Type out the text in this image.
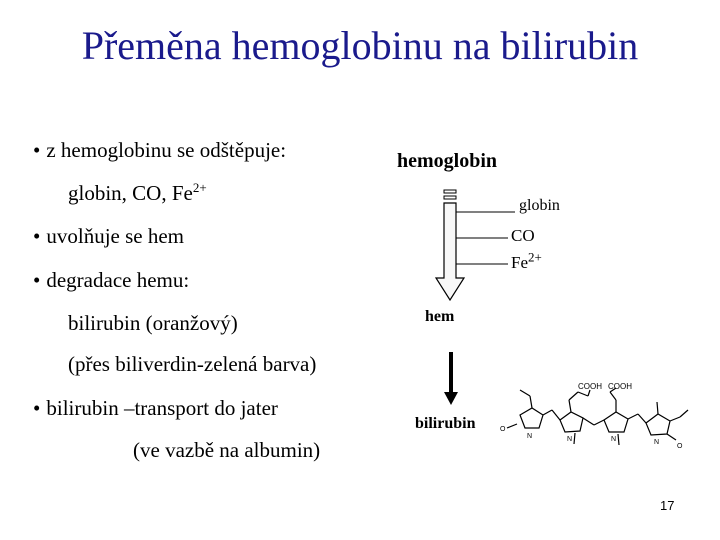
Přeměna hemoglobinu na bilirubin
• z hemoglobinu se odštěpuje:
globin, CO, $Fe^{2+}$
• uvolňuje se hem
• degradace hemu:
bilirubin (oranžový)
(přes biliverdin-zelená barva)
• bilirubin –transport do jater
(ve vazbě na albumin)
hemoglobin
globin
CO
$Fe^{2+}$
hem
bilirubin	O
N	N	N	N
O
COOH COOH
17
